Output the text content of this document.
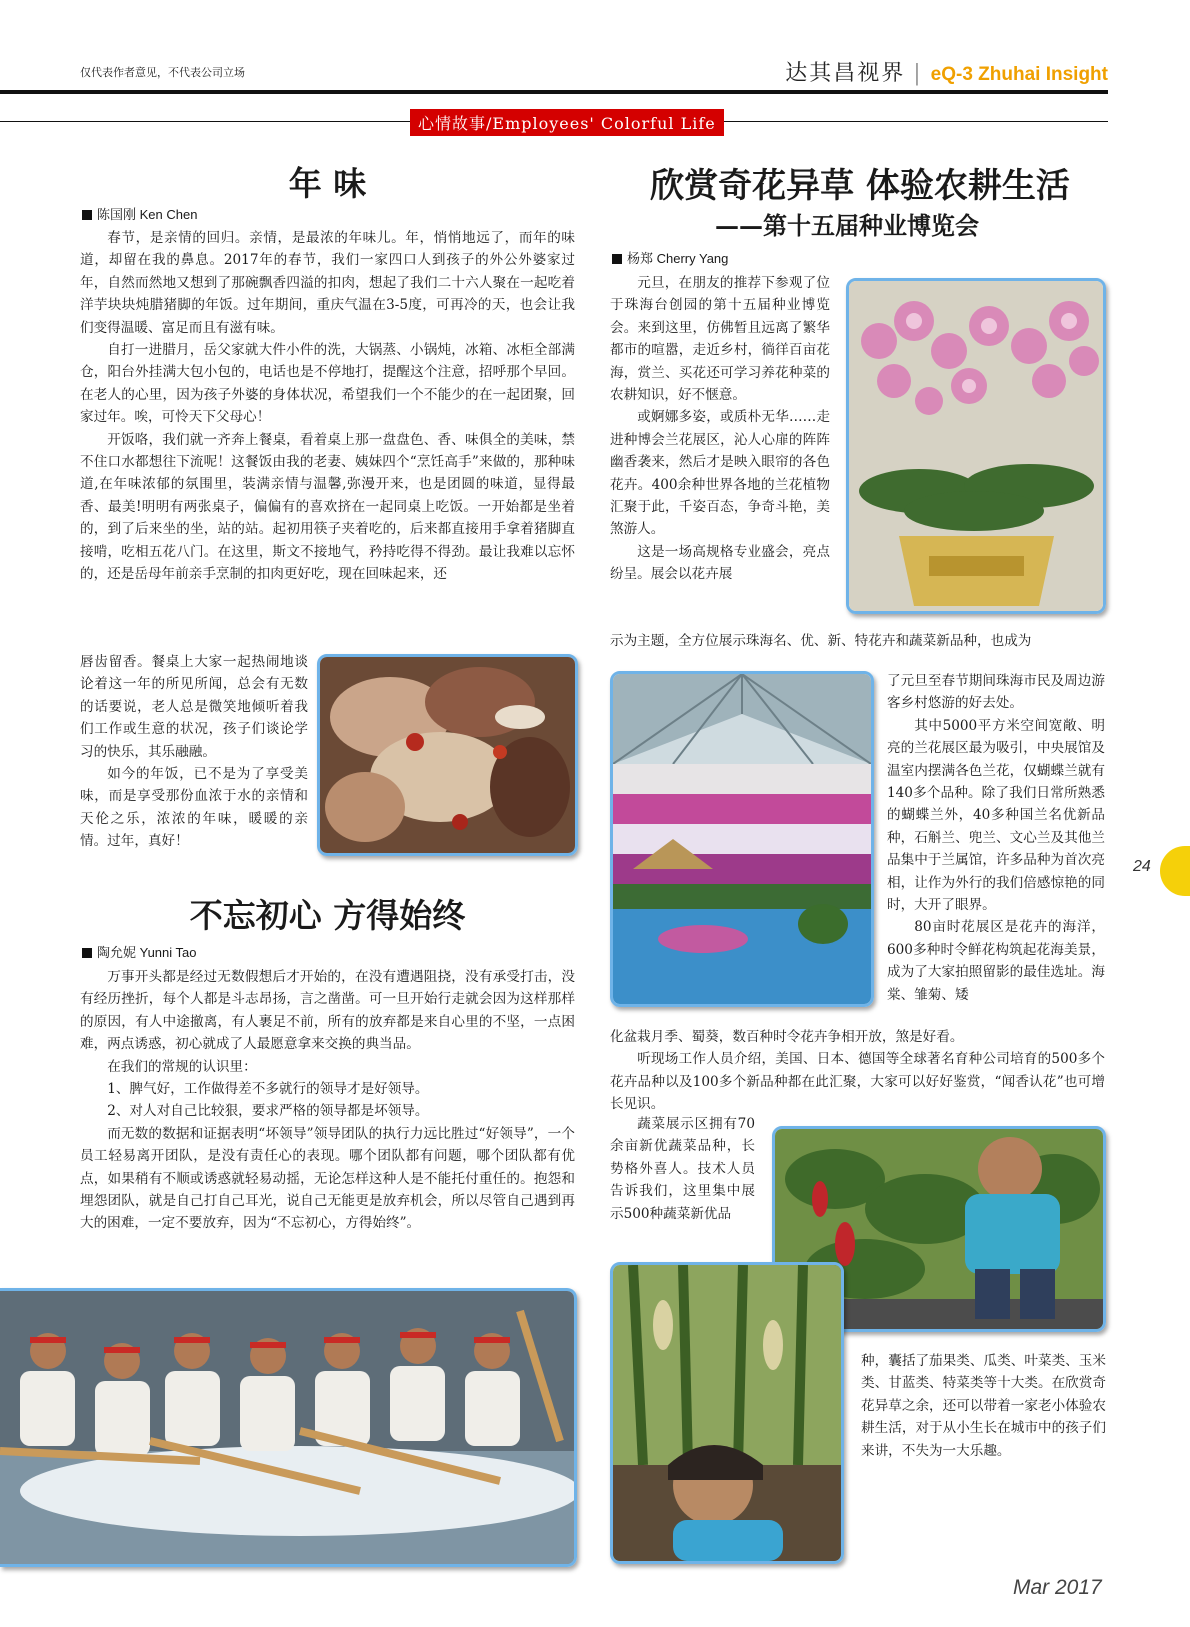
仅代表作者意见，不代表公司立场	达其昌视界 | eQ-3 Zhuhai Insight
心情故事/Employees' Colorful Life
年 味
陈国刚 Ken Chen

春节，是亲情的回归。亲情，是最浓的年味儿。年，悄悄地远了，而年的味道，却留在我的鼻息。2017年的春节，我们一家四口人到孩子的外公外婆家过年，自然而然地又想到了那碗飘香四溢的扣肉，想起了我们二十六人聚在一起吃着洋芋块块炖腊猪脚的年饭。过年期间，重庆气温在3-5度，可再冷的天，也会让我们变得温暖、富足而且有滋有味。

自打一进腊月，岳父家就大件小件的洗，大锅蒸、小锅炖，冰箱、冰柜全部满仓，阳台外挂满大包小包的，电话也是不停地打，提醒这个注意，招呼那个早回。在老人的心里，因为孩子外婆的身体状况，希望我们一个不能少的在一起团聚，回家过年。唉，可怜天下父母心！

开饭咯，我们就一齐奔上餐桌，看着桌上那一盘盘色、香、味俱全的美味，禁不住口水都想往下流呢！这餐饭由我的老妻、姨妹四个“烹饪高手”来做的，那种味道,在年味浓郁的氛围里，装满亲情与温馨,弥漫开来，也是团圆的味道，显得最香、最美!明明有两张桌子，偏偏有的喜欢挤在一起同桌上吃饭。一开始都是坐着的，到了后来坐的坐，站的站。起初用筷子夹着吃的，后来都直接用手拿着猪脚直接啃，吃相五花八门。在这里，斯文不接地气，矜持吃得不得劲。最让我难以忘怀的，还是岳母年前亲手烹制的扣肉更好吃，现在回味起来，还

唇齿留香。餐桌上大家一起热闹地谈论着这一年的所见所闻，总会有无数的话要说，老人总是微笑地倾听着我们工作或生意的状况，孩子们谈论学习的快乐，其乐融融。

如今的年饭，已不是为了享受美味，而是享受那份血浓于水的亲情和天伦之乐，浓浓的年味，暖暖的亲情。过年，真好！

不忘初心 方得始终
陶允妮 Yunni Tao

万事开头都是经过无数假想后才开始的，在没有遭遇阻挠，没有承受打击，没有经历挫折，每个人都是斗志昂扬，言之凿凿。可一旦开始行走就会因为这样那样的原因，有人中途撤离，有人裹足不前，所有的放弃都是来自心里的不坚，一点困难，两点诱惑，初心就成了人最愿意拿来交换的典当品。

在我们的常规的认识里：

1、脾气好，工作做得差不多就行的领导才是好领导。

2、对人对自己比较狠，要求严格的领导都是坏领导。

而无数的数据和证据表明“坏领导”领导团队的执行力远比胜过“好领导”，一个员工轻易离开团队，是没有责任心的表现。哪个团队都有问题，哪个团队都有优点，如果稍有不顺或诱惑就轻易动摇，无论怎样这种人是不能托付重任的。抱怨和埋怨团队，就是自己打自己耳光，说自己无能更是放弃机会，所以尽管自己遇到再大的困难，一定不要放弃，因为“不忘初心，方得始终”。

欣赏奇花异草 体验农耕生活
——第十五届种业博览会
杨郑 Cherry Yang

元旦，在朋友的推荐下参观了位于珠海台创园的第十五届种业博览会。来到这里，仿佛暂且远离了繁华都市的喧嚣，走近乡村，徜徉百亩花海，赏兰、买花还可学习养花种菜的农耕知识，好不惬意。

或婀娜多姿，或质朴无华……走进种博会兰花展区，沁人心扉的阵阵幽香袭来，然后才是映入眼帘的各色花卉。400余种世界各地的兰花植物汇聚于此，千姿百态，争奇斗艳，美煞游人。

这是一场高规格专业盛会，亮点纷呈。展会以花卉展

示为主题，全方位展示珠海名、优、新、特花卉和蔬菜新品种，也成为

了元旦至春节期间珠海市民及周边游客乡村悠游的好去处。

其中5000平方米空间宽敞、明亮的兰花展区最为吸引，中央展馆及温室内摆满各色兰花，仅蝴蝶兰就有140多个品种。除了我们日常所熟悉的蝴蝶兰外，40多种国兰名优新品种，石斛兰、兜兰、文心兰及其他兰品集中于兰属馆，许多品种为首次亮相，让作为外行的我们倍感惊艳的同时，大开了眼界。

80亩时花展区是花卉的海洋，600多种时令鲜花构筑起花海美景，成为了大家拍照留影的最佳选址。海棠、雏菊、矮

化盆栽月季、蜀葵，数百种时令花卉争相开放，煞是好看。

听现场工作人员介绍，美国、日本、德国等全球著名育种公司培育的500多个花卉品种以及100多个新品种都在此汇聚，大家可以好好鉴赏，“闻香认花”也可增长见识。

蔬菜展示区拥有70余亩新优蔬菜品种，长势格外喜人。技术人员告诉我们，这里集中展示500种蔬菜新优品

种，囊括了茄果类、瓜类、叶菜类、玉米类、甘蓝类、特菜类等十大类。在欣赏奇花异草之余，还可以带着一家老小体验农耕生活，对于从小生长在城市中的孩子们来讲，不失为一大乐趣。

24
Mar 2017
